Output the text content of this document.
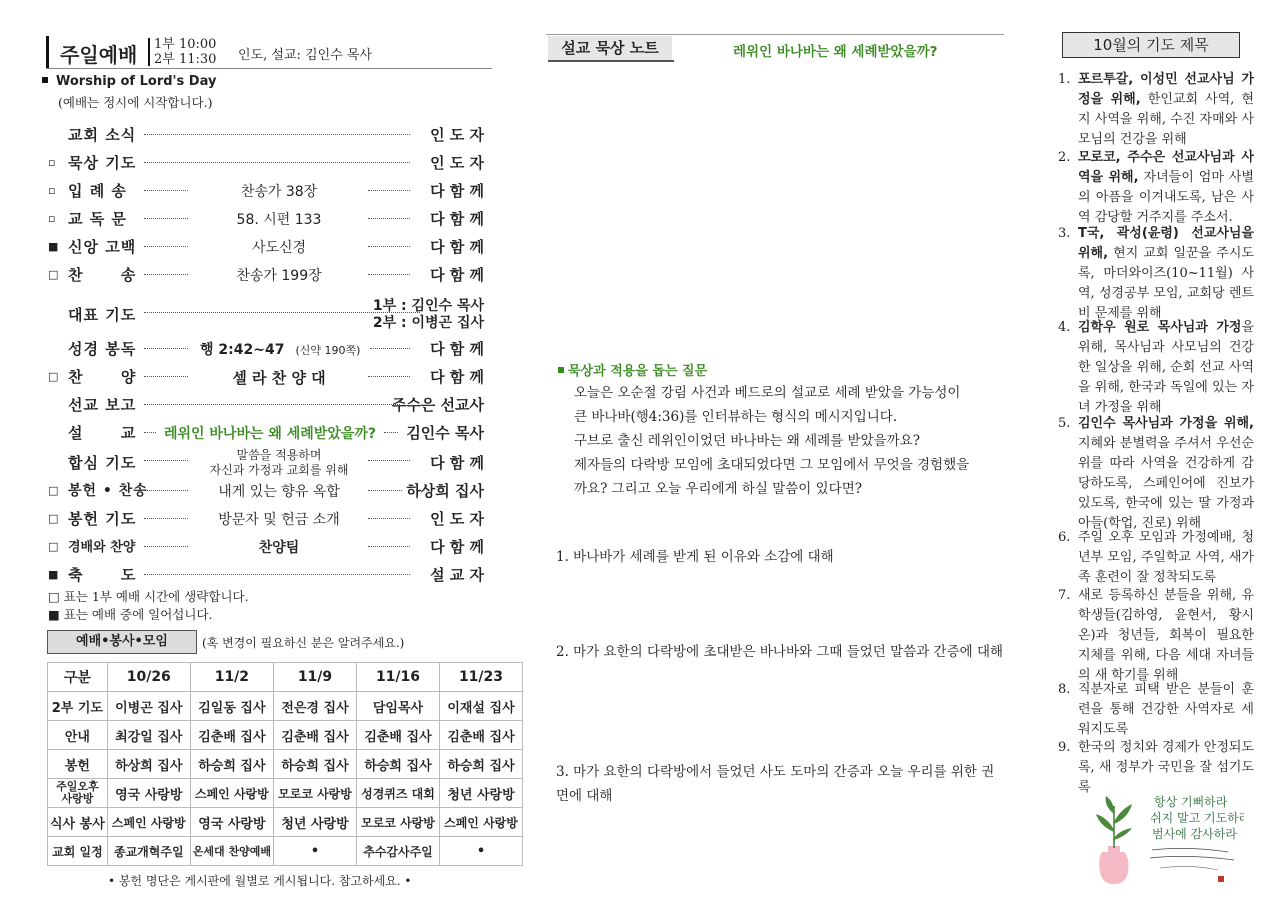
주일예배 1부 10:00
2부 11:30 인도, 설교: 김인수 목사
Worship of Lord's Day
(예배는 정시에 시작합니다.)
교회 소식	인 도 자
▫ 묵상 기도	인 도 자
▫ 입 례 송	찬송가 38장	다 함 께
▫ 교 독 문	58. 시편 133	다 함 께
■ 신앙 고백	사도신경	다 함 께
□ 찬      송	찬송가 199장	다 함 께
대표 기도	1부 : 김인수 목사
2부 : 이병곤 집사
성경 봉독	행 2:42~47	(신약 190쪽)	다 함 께
□ 찬      양	셀 라 찬 양 대	다 함 께
선교 보고	주수은 선교사
설      교 레위인 바나바는 왜 세례받았을까? 김인수 목사
합심 기도	말씀을 적용하며
자신과 가정과 교회를 위해	다 함 께
□ 봉헌 • 찬송	내게 있는 향유 옥합	하상희 집사
□ 봉헌 기도	방문자 및 헌금 소개	인 도 자
□ 경배와 찬양	찬양팀	다 함 께
■ 축      도	설 교 자
□ 표는 1부 예배 시간에 생략합니다.
■ 표는 예배 중에 일어섭니다.
예배•봉사•모임	(혹 변경이 필요하신 분은 알려주세요.)
구분	10/26	11/2	11/9	11/16	11/23
2부 기도	이병곤 집사	김일동 집사	전은경 집사	담임목사	이재설 집사
안내	최강일 집사	김춘배 집사	김춘배 집사	김춘배 집사	김춘배 집사
봉헌	하상희 집사	하승희 집사	하승희 집사	하승희 집사	하승희 집사
주일오후 사랑방	영국 사랑방	스페인 사랑방	모로코 사랑방	성경퀴즈 대회	청년 사랑방
식사 봉사	스페인 사랑방	영국 사랑방	청년 사랑방	모로코 사랑방	스페인 사랑방
교회 일정	종교개혁주일	온세대 찬양예배	•	추수감사주일	•
• 봉헌 명단은 게시판에 월별로 게시됩니다. 참고하세요. •
설교 묵상 노트	레위인 바나바는 왜 세례받았을까?
묵상과 적용을 돕는 질문
오늘은 오순절 강림 사건과 베드로의 설교로 세례 받았을 가능성이
큰 바나바(행4:36)를 인터뷰하는 형식의 메시지입니다.
구브로 출신 레위인이었던 바나바는 왜 세례를 받았을까요?
제자들의 다락방 모임에 초대되었다면 그 모임에서 무엇을 경험했을
까요? 그리고 오늘 우리에게 하실 말씀이 있다면?
1. 바나바가 세례를 받게 된 이유와 소감에 대해
2. 마가 요한의 다락방에 초대받은 바나바와 그때 들었던 말씀과 간증에 대해
3. 마가 요한의 다락방에서 들었던 사도 도마의 간증과 오늘 우리를 위한 권면에 대해
10월의 기도 제목
1. 포르투갈, 이성민 선교사님 가정을 위해, 한인교회 사역, 현지 사역을 위해, 수진 자매와 사모님의 건강을 위해
2. 모로코, 주수은 선교사님과 사역을 위해, 자녀들이 엄마 사별의 아픔을 이겨내도록, 남은 사역 감당할 거주지를 주소서.
3. T국, 곽성(윤령) 선교사님을 위해, 현지 교회 일꾼을 주시도록, 마더와이즈(10~11월) 사역, 성경공부 모임, 교회당 렌트비 문제를 위해
4. 김학우 원로 목사님과 가정을 위해, 목사님과 사모님의 건강한 일상을 위해, 순회 선교 사역을 위해, 한국과 독일에 있는 자녀 가정을 위해
5. 김인수 목사님과 가정을 위해, 지혜와 분별력을 주셔서 우선순위를 따라 사역을 건강하게 감당하도록, 스페인어에 진보가 있도록, 한국에 있는 딸 가정과 아들(학업, 진로) 위해
6. 주일 오후 모임과 가정예배, 청년부 모임, 주일학교 사역, 새가족 훈련이 잘 정착되도록
7. 새로 등록하신 분들을 위해, 유학생들(김하영, 윤현서, 황시온)과 청년들, 회복이 필요한 지체를 위해, 다음 세대 자녀들의 새 학기를 위해
8. 직분자로 피택 받은 분들이 훈련을 통해 건강한 사역자로 세워지도록
9. 한국의 정치와 경제가 안정되도록, 새 정부가 국민을 잘 섬기도록
항상 기뻐하라
쉬지 말고 기도하라
범사에 감사하라
